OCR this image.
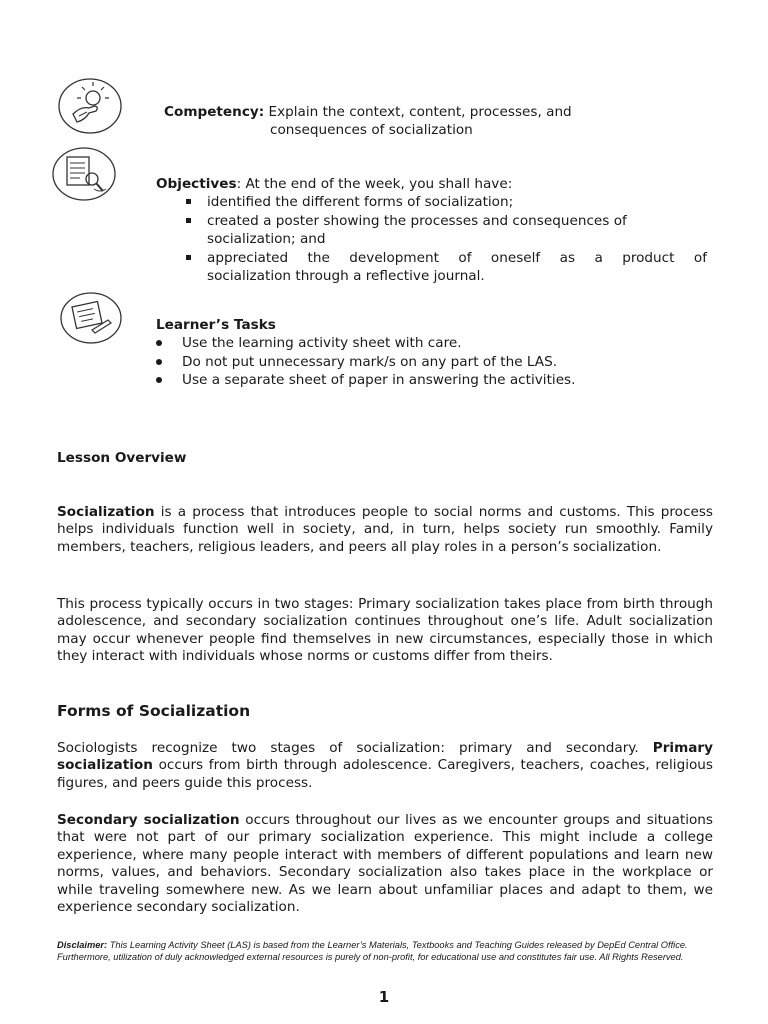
Competency: Explain the context, content, processes, and
consequences of socialization
Objectives: At the end of the week, you shall have:
identified the different forms of socialization;
created a poster showing the processes and consequences of
socialization; and
appreciated the development of oneself as a product of
socialization through a reflective journal.
Learner’s Tasks
Use the learning activity sheet with care.
Do not put unnecessary mark/s on any part of the LAS.
Use a separate sheet of paper in answering the activities.
Lesson Overview

Socialization is a process that introduces people to social norms and customs. This process helps individuals function well in society, and, in turn, helps society run smoothly. Family members, teachers, religious leaders, and peers all play roles in a person’s socialization.

This process typically occurs in two stages: Primary socialization takes place from birth through adolescence, and secondary socialization continues throughout one’s life. Adult socialization may occur whenever people find themselves in new circumstances, especially those in which they interact with individuals whose norms or customs differ from theirs.

Forms of Socialization

Sociologists recognize two stages of socialization: primary and secondary. Primary socialization occurs from birth through adolescence. Caregivers, teachers, coaches, religious figures, and peers guide this process.

Secondary socialization occurs throughout our lives as we encounter groups and situations that were not part of our primary socialization experience. This might include a college experience, where many people interact with members of different populations and learn new norms, values, and behaviors. Secondary socialization also takes place in the workplace or while traveling somewhere new. As we learn about unfamiliar places and adapt to them, we experience secondary socialization.

Disclaimer: This Learning Activity Sheet (LAS) is based from the Learner’s Materials, Textbooks and Teaching Guides released by DepEd Central Office. Furthermore, utilization of duly acknowledged external resources is purely of non-profit, for educational use and constitutes fair use. All Rights Reserved.

1
